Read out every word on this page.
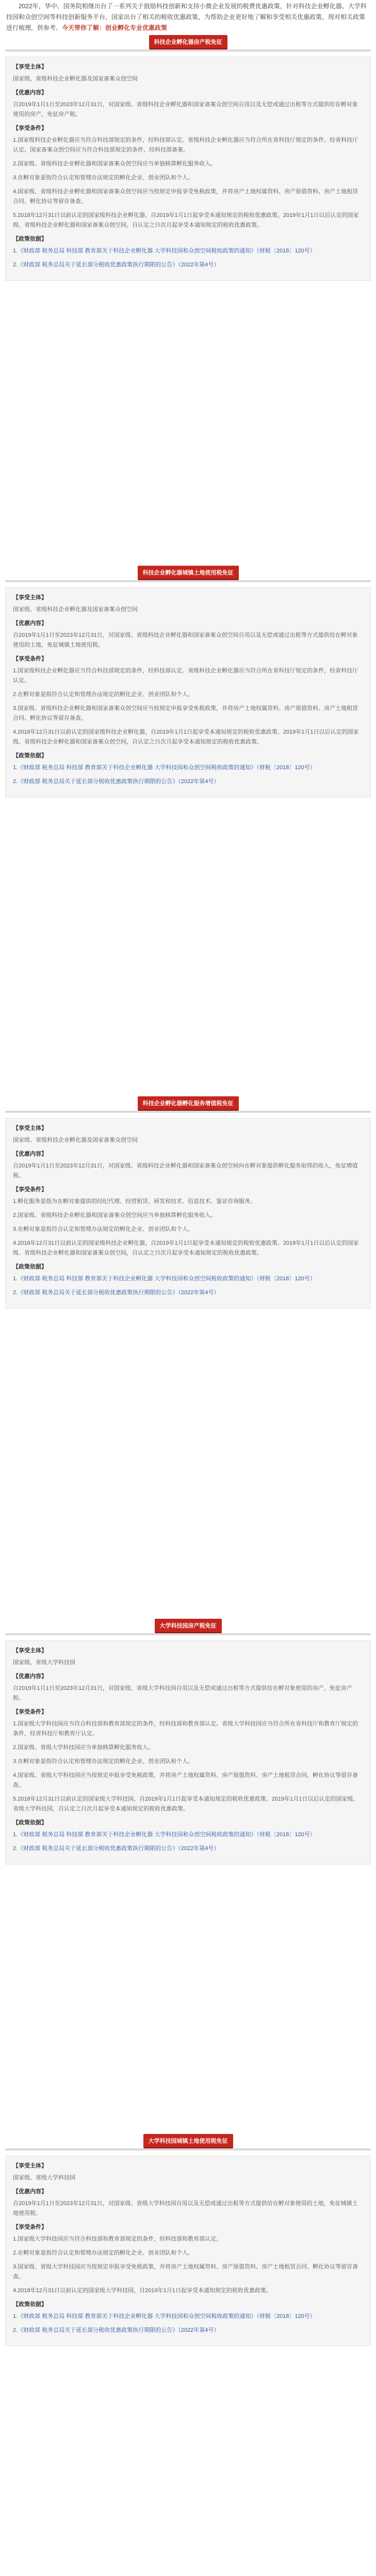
2022年，华中、国务院相继出台了一系列关于鼓励科技创新和支持小微企业发展的税费优惠政策，针对科技企业孵化器、大学科技园和众创空间等科技创新服务平台，国家出台了相关的税收优惠政策，为帮助企业更好地了解和享受相关优惠政策，现对相关政策进行梳理，供参考。今天带你了解：创业孵化专业优惠政策

科技企业孵化器房产税免征
【享受主体】
国家级、省级科技企业孵化器及国家备案众创空间
【优惠内容】
自2019年1月1日至2023年12月31日，对国家级、省级科技企业孵化器和国家备案众创空间自用以及无偿或通过出租等方式提供给在孵对象使用的房产，免征房产税。
【享受条件】
1.国家级科技企业孵化器应当符合科技部规定的条件，经科技部认定。省级科技企业孵化器应当符合所在省科技厅规定的条件，经省科技厅认定。国家备案众创空间应当符合科技部规定的条件，经科技部备案。
2.国家级、省级科技企业孵化器和国家备案众创空间应当单独核算孵化服务收入。
3.在孵对象是指符合认定和管理办法规定的孵化企业、创业团队和个人。
4.国家级、省级科技企业孵化器和国家备案众创空间应当按规定申报享受免税政策，并将房产土地权属资料、房产原值资料、房产土地租赁合同、孵化协议等留存备查。
5.2018年12月31日以前认定的国家级科技企业孵化器，自2019年1月1日起享受本通知规定的税收优惠政策。2019年1月1日以后认定的国家级、省级科技企业孵化器和国家备案众创空间，自认定之日次月起享受本通知规定的税收优惠政策。
【政策依据】
1.《财政部 税务总局 科技部 教育部关于科技企业孵化器 大学科技园和众创空间税收政策的通知》（财税〔2018〕120号）
2.《财政部 税务总局关于延长部分税收优惠政策执行期限的公告》（2022年第4号）
科技企业孵化器城镇土地使用税免征
【享受主体】
国家级、省级科技企业孵化器及国家备案众创空间
【优惠内容】
自2019年1月1日至2023年12月31日，对国家级、省级科技企业孵化器和国家备案众创空间自用以及无偿或通过出租等方式提供给在孵对象使用的土地，免征城镇土地使用税。
【享受条件】
1.国家级科技企业孵化器应当符合科技部规定的条件，经科技部认定。省级科技企业孵化器应当符合所在省科技厅规定的条件，经省科技厅认定。
2.在孵对象是指符合认定和管理办法规定的孵化企业、创业团队和个人。
3.国家级、省级科技企业孵化器和国家备案众创空间应当按规定申报享受免税政策，并将房产土地权属资料、房产原值资料、房产土地租赁合同、孵化协议等留存备查。
4.2018年12月31日以前认定的国家级科技企业孵化器，自2019年1月1日起享受本通知规定的税收优惠政策。2019年1月1日以后认定的国家级、省级科技企业孵化器和国家备案众创空间，自认定之日次月起享受本通知规定的税收优惠政策。
【政策依据】
1.《财政部 税务总局 科技部 教育部关于科技企业孵化器 大学科技园和众创空间税收政策的通知》（财税〔2018〕120号）
2.《财政部 税务总局关于延长部分税收优惠政策执行期限的公告》（2022年第4号）
科技企业孵化器孵化服务增值税免征
【享受主体】
国家级、省级科技企业孵化器及国家备案众创空间
【优惠内容】
自2019年1月1日至2023年12月31日，对国家级、省级科技企业孵化器和国家备案众创空间向在孵对象提供孵化服务取得的收入，免征增值税。
【享受条件】
1.孵化服务是指为在孵对象提供的经纪代理、经营租赁、研发和技术、信息技术、鉴证咨询服务。
2.国家级、省级科技企业孵化器和国家备案众创空间应当单独核算孵化服务收入。
3.在孵对象是指符合认定和管理办法规定的孵化企业、创业团队和个人。
4.2018年12月31日以前认定的国家级科技企业孵化器，自2019年1月1日起享受本通知规定的税收优惠政策。2019年1月1日以后认定的国家级、省级科技企业孵化器和国家备案众创空间，自认定之日次月起享受本通知规定的税收优惠政策。
【政策依据】
1.《财政部 税务总局 科技部 教育部关于科技企业孵化器 大学科技园和众创空间税收政策的通知》（财税〔2018〕120号）
2.《财政部 税务总局关于延长部分税收优惠政策执行期限的公告》（2022年第4号）
大学科技园房产税免征
【享受主体】
国家级、省级大学科技园
【优惠内容】
自2019年1月1日至2023年12月31日，对国家级、省级大学科技园自用以及无偿或通过出租等方式提供给在孵对象使用的房产，免征房产税。
【享受条件】
1.国家级大学科技园应当符合科技部和教育部规定的条件，经科技部和教育部认定。省级大学科技园应当符合所在省科技厅和教育厅规定的条件，经省科技厅和教育厅认定。
2.国家级、省级大学科技园应当单独核算孵化服务收入。
3.在孵对象是指符合认定和管理办法规定的孵化企业、创业团队和个人。
4.国家级、省级大学科技园应当按规定申报享受免税政策，并将房产土地权属资料、房产原值资料、房产土地租赁合同、孵化协议等留存备查。
5.2018年12月31日以前认定的国家级大学科技园，自2019年1月1日起享受本通知规定的税收优惠政策。2019年1月1日以后认定的国家级、省级大学科技园，自认定之日次月起享受本通知规定的税收优惠政策。
【政策依据】
1.《财政部 税务总局 科技部 教育部关于科技企业孵化器 大学科技园和众创空间税收政策的通知》（财税〔2018〕120号）
2.《财政部 税务总局关于延长部分税收优惠政策执行期限的公告》（2022年第4号）
大学科技园城镇土地使用税免征
【享受主体】
国家级、省级大学科技园
【优惠内容】
自2019年1月1日至2023年12月31日，对国家级、省级大学科技园自用以及无偿或通过出租等方式提供给在孵对象使用的土地，免征城镇土地使用税。
【享受条件】
1.国家级大学科技园应当符合科技部和教育部规定的条件，经科技部和教育部认定。
2.在孵对象是指符合认定和管理办法规定的孵化企业、创业团队和个人。
3.国家级、省级大学科技园应当按规定申报享受免税政策，并将房产土地权属资料、房产原值资料、房产土地租赁合同、孵化协议等留存备查。
4.2018年12月31日以前认定的国家级大学科技园，自2019年1月1日起享受本通知规定的税收优惠政策。
【政策依据】
1.《财政部 税务总局 科技部 教育部关于科技企业孵化器 大学科技园和众创空间税收政策的通知》（财税〔2018〕120号）
2.《财政部 税务总局关于延长部分税收优惠政策执行期限的公告》（2022年第4号）
